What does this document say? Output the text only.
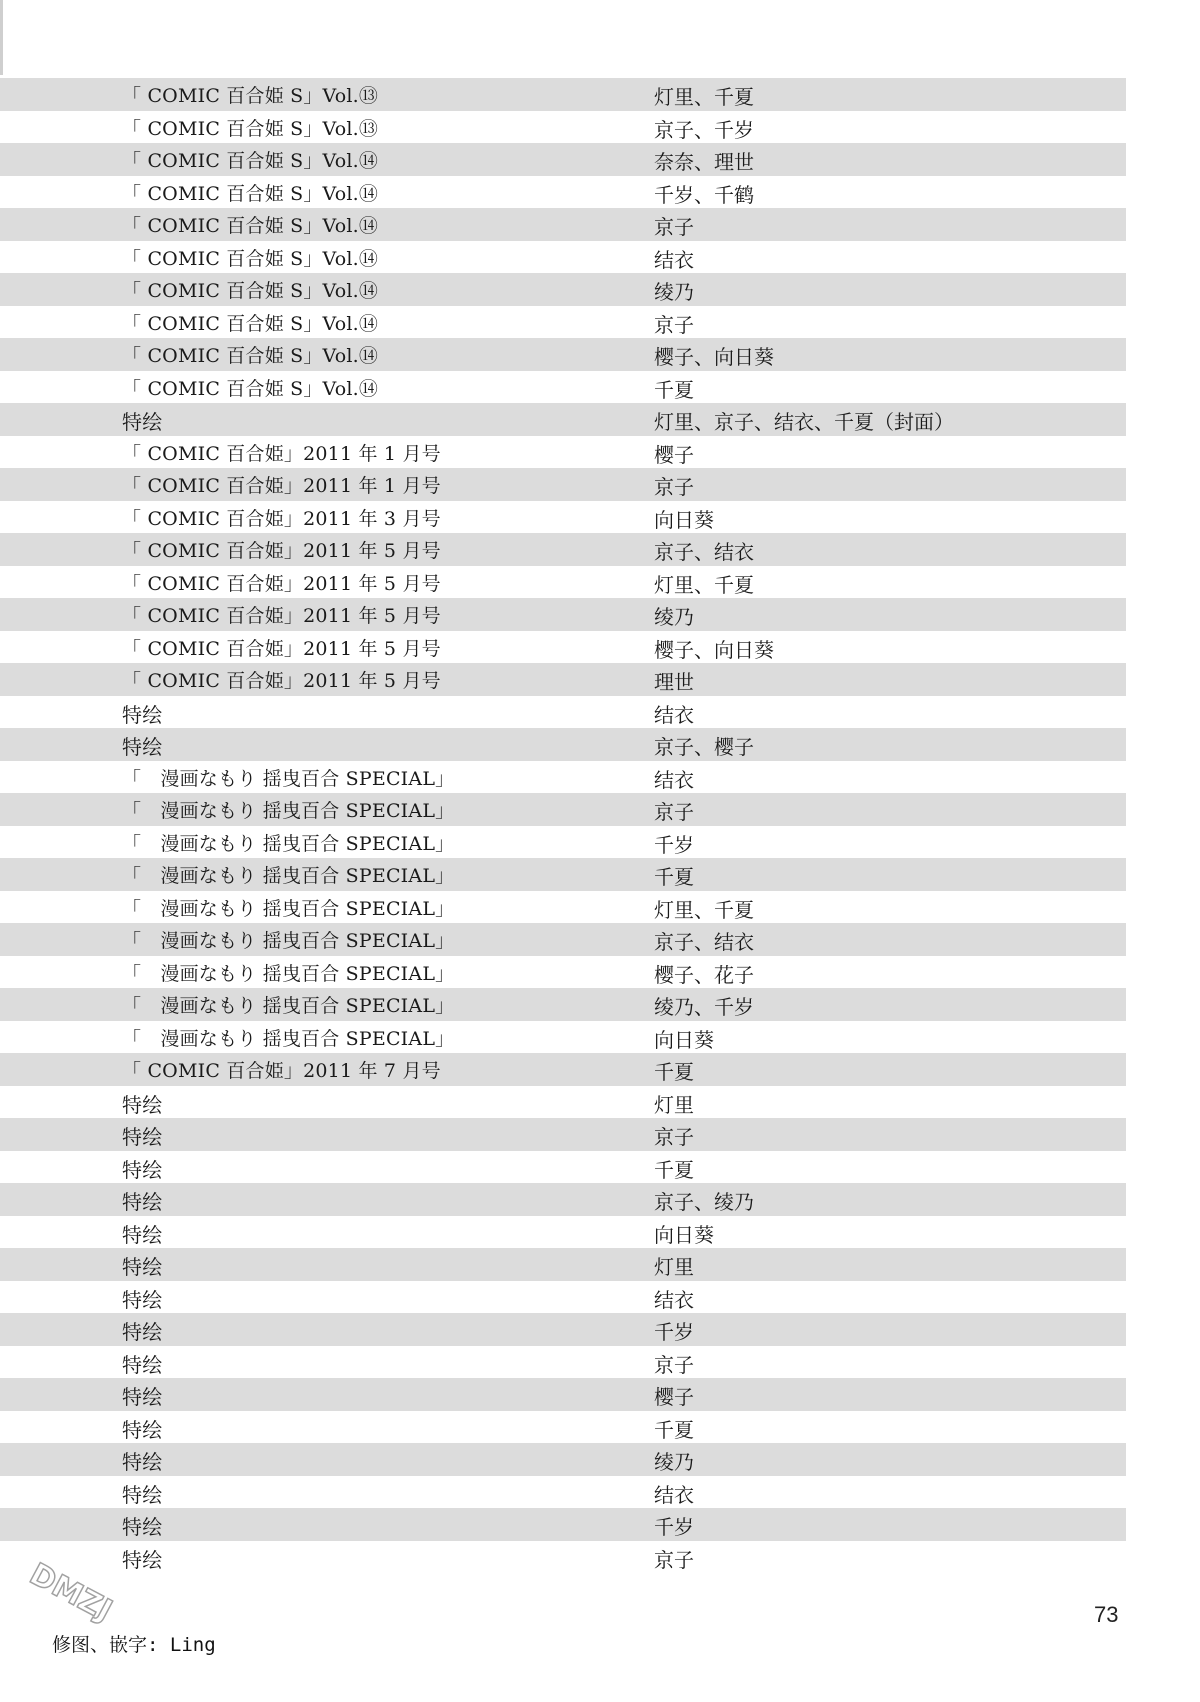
「 COMIC 百合姫 S」Vol.⑬	灯里、千夏
「 COMIC 百合姫 S」Vol.⑬	京子、千岁
「 COMIC 百合姫 S」Vol.⑭	奈奈、理世
「 COMIC 百合姫 S」Vol.⑭	千岁、千鹤
「 COMIC 百合姫 S」Vol.⑭	京子
「 COMIC 百合姫 S」Vol.⑭	结衣
「 COMIC 百合姫 S」Vol.⑭	绫乃
「 COMIC 百合姫 S」Vol.⑭	京子
「 COMIC 百合姫 S」Vol.⑭	樱子、向日葵
「 COMIC 百合姫 S」Vol.⑭	千夏
特绘	灯里、京子、结衣、千夏（封面）
「 COMIC 百合姫」2011 年 1 月号	樱子
「 COMIC 百合姫」2011 年 1 月号	京子
「 COMIC 百合姫」2011 年 3 月号	向日葵
「 COMIC 百合姫」2011 年 5 月号	京子、结衣
「 COMIC 百合姫」2011 年 5 月号	灯里、千夏
「 COMIC 百合姫」2011 年 5 月号	绫乃
「 COMIC 百合姫」2011 年 5 月号	樱子、向日葵
「 COMIC 百合姫」2011 年 5 月号	理世
特绘	结衣
特绘	京子、樱子
「　漫画なもり 揺曳百合 SPECIAL」	结衣
「　漫画なもり 揺曳百合 SPECIAL」	京子
「　漫画なもり 揺曳百合 SPECIAL」	千岁
「　漫画なもり 揺曳百合 SPECIAL」	千夏
「　漫画なもり 揺曳百合 SPECIAL」	灯里、千夏
「　漫画なもり 揺曳百合 SPECIAL」	京子、结衣
「　漫画なもり 揺曳百合 SPECIAL」	樱子、花子
「　漫画なもり 揺曳百合 SPECIAL」	绫乃、千岁
「　漫画なもり 揺曳百合 SPECIAL」	向日葵
「 COMIC 百合姫」2011 年 7 月号	千夏
特绘	灯里
特绘	京子
特绘	千夏
特绘	京子、绫乃
特绘	向日葵
特绘	灯里
特绘	结衣
特绘	千岁
特绘	京子
特绘	樱子
特绘	千夏
特绘	绫乃
特绘	结衣
特绘	千岁
特绘	京子
73
修图、嵌字: Ling
DMZJ
